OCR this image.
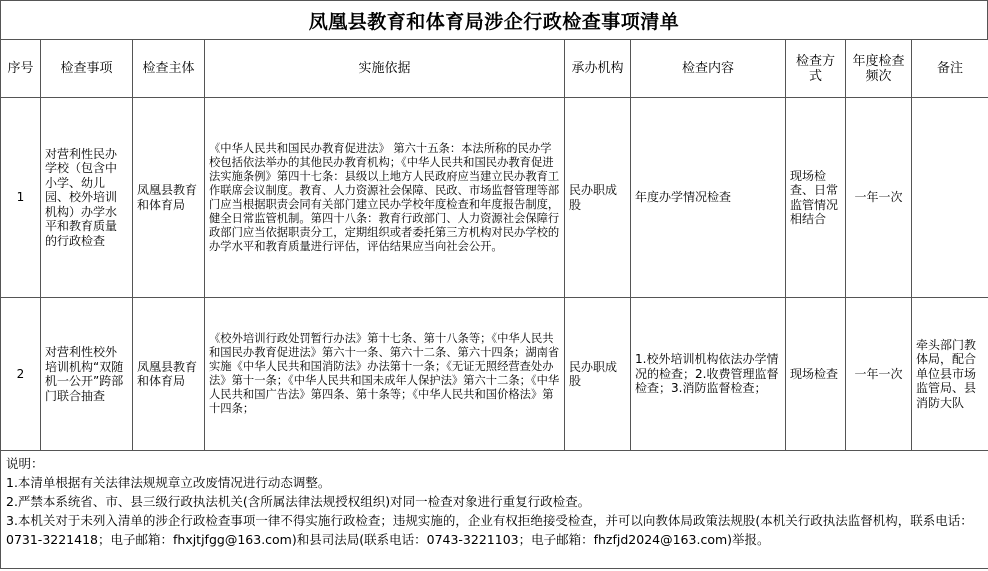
凤凰县教育和体育局涉企行政检查事项清单
序号	检查事项	检查主体	实施依据	承办机构	检查内容	检查方式	年度检查频次	备注
1	对营利性民办学校（包含中小学、幼儿园、校外培训机构）办学水平和教育质量的行政检查	凤凰县教育和体育局	《中华人民共和国民办教育促进法》 第六十五条：本法所称的民办学校包括依法举办的其他民办教育机构；《中华人民共和国民办教育促进法实施条例》第四十七条：县级以上地方人民政府应当建立民办教育工作联席会议制度。教育、人力资源社会保障、民政、市场监督管理等部门应当根据职责会同有关部门建立民办学校年度检查和年度报告制度，健全日常监管机制。第四十八条：教育行政部门、人力资源社会保障行政部门应当依据职责分工，定期组织或者委托第三方机构对民办学校的办学水平和教育质量进行评估，评估结果应当向社会公开。	民办职成股	年度办学情况检查	现场检查、日常监管情况相结合	一年一次	
2	对营利性校外培训机构“双随机一公开”跨部门联合抽查	凤凰县教育和体育局	《校外培训行政处罚暂行办法》第十七条、第十八条等；《中华人民共和国民办教育促进法》第六十一条、第六十二条、第六十四条；湖南省实施《中华人民共和国消防法》办法第十一条；《无证无照经营查处办法》第十一条；《中华人民共和国未成年人保护法》第六十二条；《中华人民共和国广告法》第四条、第十条等；《中华人民共和国价格法》第十四条；	民办职成股	1.校外培训机构依法办学情况的检查；2.收费管理监督检查；3.消防监督检查；	现场检查	一年一次	牵头部门教体局，配合单位县市场监管局、县消防大队
说明：
1.本清单根据有关法律法规规章立改废情况进行动态调整。
2.严禁本系统省、市、县三级行政执法机关(含所属法律法规授权组织)对同一检查对象进行重复行政检查。
3.本机关对于未列入清单的涉企行政检查事项一律不得实施行政检查；违规实施的，企业有权拒绝接受检查，并可以向教体局政策法规股(本机关行政执法监督机构，联系电话：0731-3221418；电子邮箱：fhxjtjfgg@163.com)和县司法局(联系电话：0743-3221103；电子邮箱：fhzfjd2024@163.com)举报。
